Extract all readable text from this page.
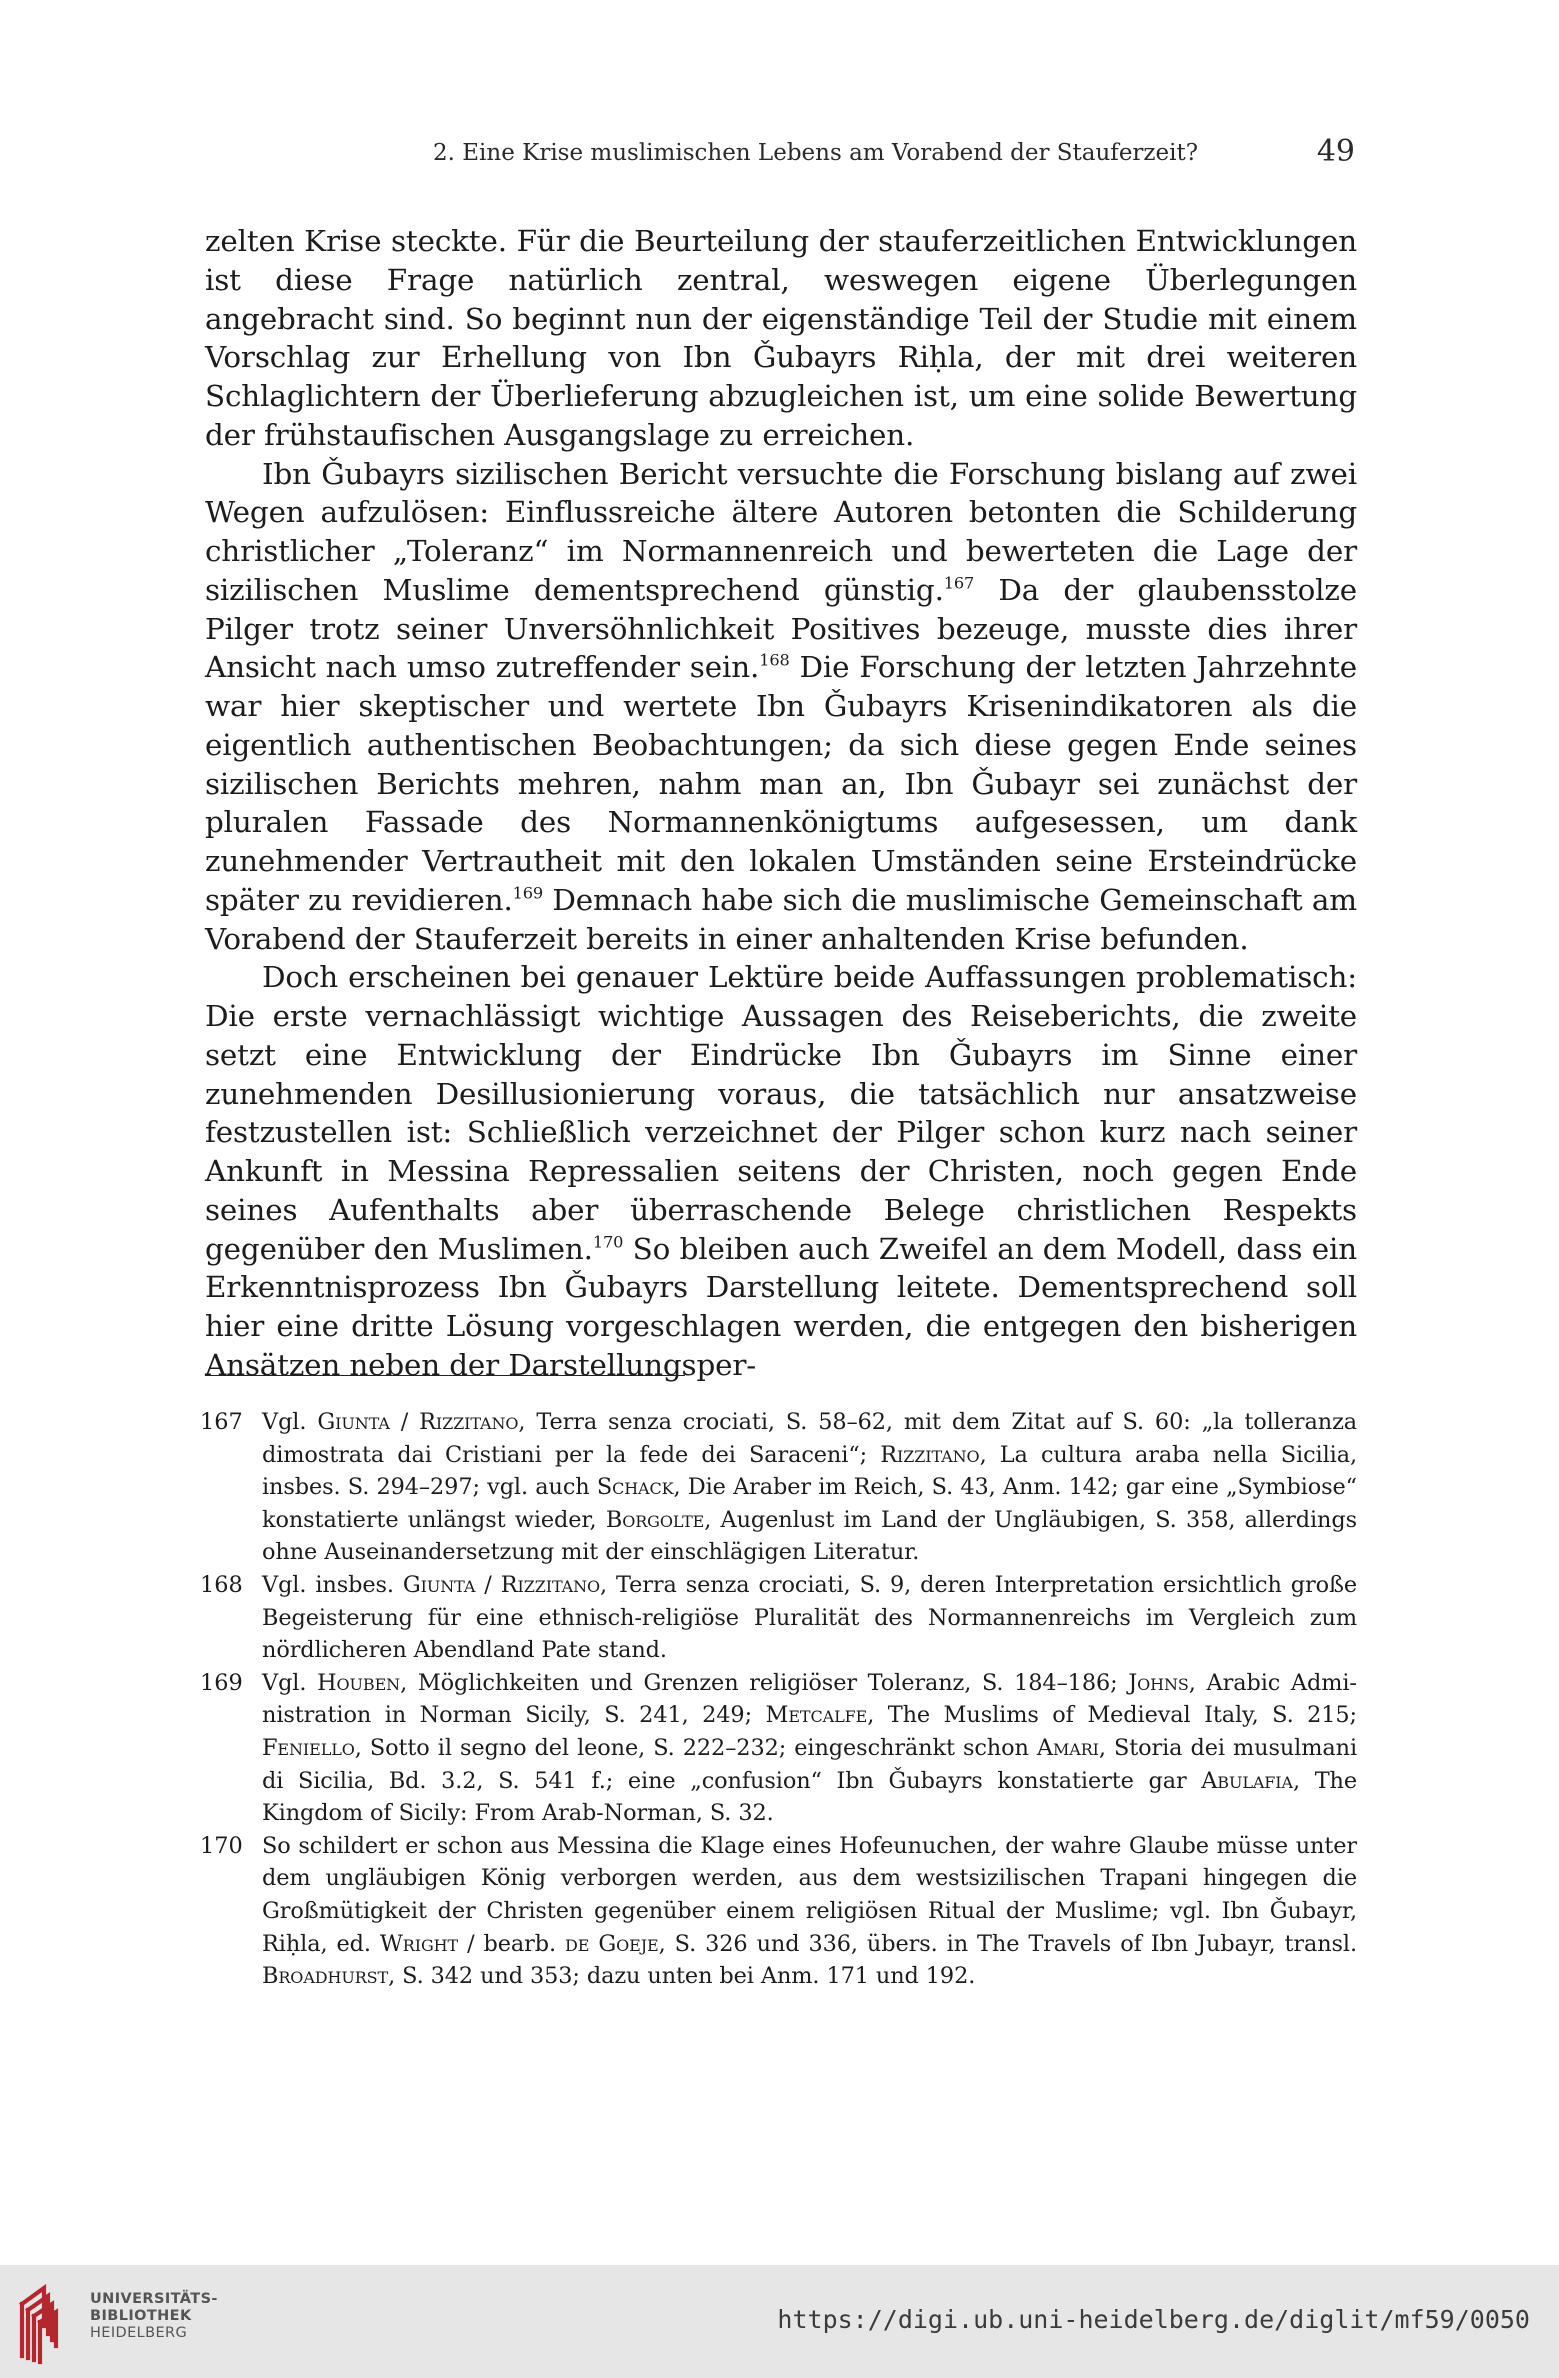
2. Eine Krise muslimischen Lebens am Vorabend der Stauferzeit?	49

zelten Krise steckte. Für die Beurteilung der stauferzeitlichen Entwicklungen ist diese Frage natürlich zentral, weswegen eigene Überlegungen angebracht sind. So beginnt nun der eigenständige Teil der Studie mit einem Vorschlag zur Erhellung von Ibn Ǧubayrs Riḥla, der mit drei weiteren Schlaglichtern der Überlieferung abzugleichen ist, um eine solide Bewertung der frühstaufischen Ausgangslage zu erreichen.

Ibn Ǧubayrs sizilischen Bericht versuchte die Forschung bislang auf zwei Wegen aufzulösen: Einflussreiche ältere Autoren betonten die Schilderung christlicher „Toleranz“ im Normannenreich und bewerteten die Lage der sizilischen Muslime dementsprechend günstig.$^{167}$ Da der glaubensstolze Pilger trotz seiner Unversöhnlichkeit Positives bezeuge, musste dies ihrer Ansicht nach umso zutreffender sein.$^{168}$ Die Forschung der letzten Jahrzehnte war hier skeptischer und wertete Ibn Ǧubayrs Krisenindikatoren als die eigentlich authentischen Beobachtungen; da sich diese gegen Ende seines sizilischen Berichts mehren, nahm man an, Ibn Ǧubayr sei zunächst der pluralen Fassade des Normannenkönigtums aufgesessen, um dank zunehmender Vertrautheit mit den lokalen Umständen seine Ersteindrücke später zu revidieren.$^{169}$ Demnach habe sich die muslimische Gemeinschaft am Vorabend der Stauferzeit bereits in einer anhaltenden Krise befunden.

Doch erscheinen bei genauer Lektüre beide Auffassungen problematisch: Die erste vernachlässigt wichtige Aussagen des Reiseberichts, die zweite setzt eine Entwicklung der Eindrücke Ibn Ǧubayrs im Sinne einer zunehmenden Desillusionierung voraus, die tatsächlich nur ansatzweise festzustellen ist: Schließlich verzeichnet der Pilger schon kurz nach seiner Ankunft in Messina Repressalien seitens der Christen, noch gegen Ende seines Aufenthalts aber überraschende Belege christlichen Respekts gegenüber den Muslimen.$^{170}$ So bleiben auch Zweifel an dem Modell, dass ein Erkenntnisprozess Ibn Ǧubayrs Darstellung leitete. Dementsprechend soll hier eine dritte Lösung vorgeschlagen werden, die entgegen den bisherigen Ansätzen neben der Darstellungsper-

167 Vgl. Giunta / Rizzitano, Terra senza crociati, S. 58–62, mit dem Zitat auf S. 60: „la tolleranza dimostrata dai Cristiani per la fede dei Saraceni“; Rizzitano, La cultura araba nella Sicilia, insbes. S. 294–297; vgl. auch Schack, Die Araber im Reich, S. 43, Anm. 142; gar eine „Symbiose“ konstatierte unlängst wieder, Borgolte, Augenlust im Land der Ungläubigen, S. 358, allerdings ohne Auseinandersetzung mit der einschlägigen Literatur.
168 Vgl. insbes. Giunta / Rizzitano, Terra senza crociati, S. 9, deren Interpretation ersichtlich große Begeisterung für eine ethnisch-religiöse Pluralität des Normannenreichs im Vergleich zum nördlicheren Abendland Pate stand.
169 Vgl. Houben, Möglichkeiten und Grenzen religiöser Toleranz, S. 184–186; Johns, Arabic Administration in Norman Sicily, S. 241, 249; Metcalfe, The Muslims of Medieval Italy, S. 215; Feniello, Sotto il segno del leone, S. 222–232; eingeschränkt schon Amari, Storia dei musulmani di Sicilia, Bd. 3.2, S. 541 f.; eine „confusion“ Ibn Ǧubayrs konstatierte gar Abulafia, The Kingdom of Sicily: From Arab-Norman, S. 32.
170 So schildert er schon aus Messina die Klage eines Hofeunuchen, der wahre Glaube müsse unter dem ungläubigen König verborgen werden, aus dem westsizilischen Trapani hingegen die Großmütigkeit der Christen gegenüber einem religiösen Ritual der Muslime; vgl. Ibn Ǧubayr, Riḥla, ed. Wright / bearb. de Goeje, S. 326 und 336, übers. in The Travels of Ibn Jubayr, transl. Broadhurst, S. 342 und 353; dazu unten bei Anm. 171 und 192.
UNIVERSITÄTS-
BIBLIOTHEK
HEIDELBERG	https://digi.ub.uni-heidelberg.de/diglit/mf59/0050
